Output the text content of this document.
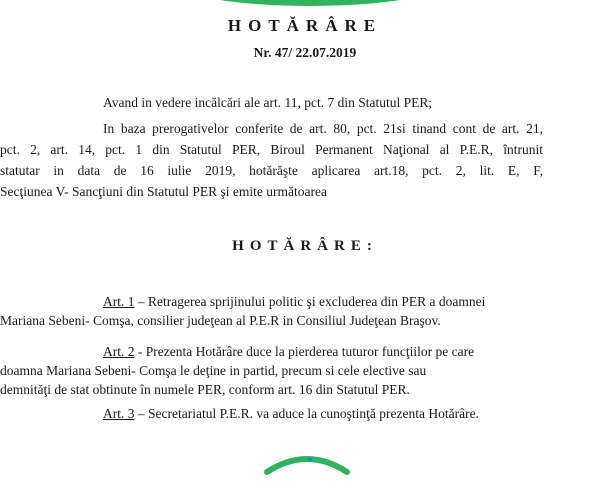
HOTĂRÂRE
Nr. 47/ 22.07.2019
Avand in vedere incălcări ale art. 11, pct. 7 din Statutul PER;
In baza prerogativelor conferite de art. 80, pct. 21si tinand cont de art. 21,
pct. 2, art. 14, pct. 1 din Statutul PER, Biroul Permanent Naţional al P.E.R, întrunit
statutar in data de 16 iulie 2019, hotărăşte aplicarea art.18, pct. 2, lit. E, F,
Secţiunea V- Sancţiuni din Statutul PER şi emite următoarea
HOTĂRÂRE:
Art. 1 – Retragerea sprijinului politic şi excluderea din PER a doamnei
Mariana Sebeni- Comşa, consilier judeţean al P.E.R in Consiliul Judeţean Braşov.
Art. 2 - Prezenta Hotărâre duce la pierderea tuturor funcţiilor pe care
doamna Mariana Sebeni- Comşa le deţine in partid, precum si cele elective sau
demnităţi de stat obtinute în numele PER, conform art. 16 din Statutul PER.
Art. 3 – Secretariatul P.E.R. va aduce la cunoştinţă prezenta Hotărâre.
